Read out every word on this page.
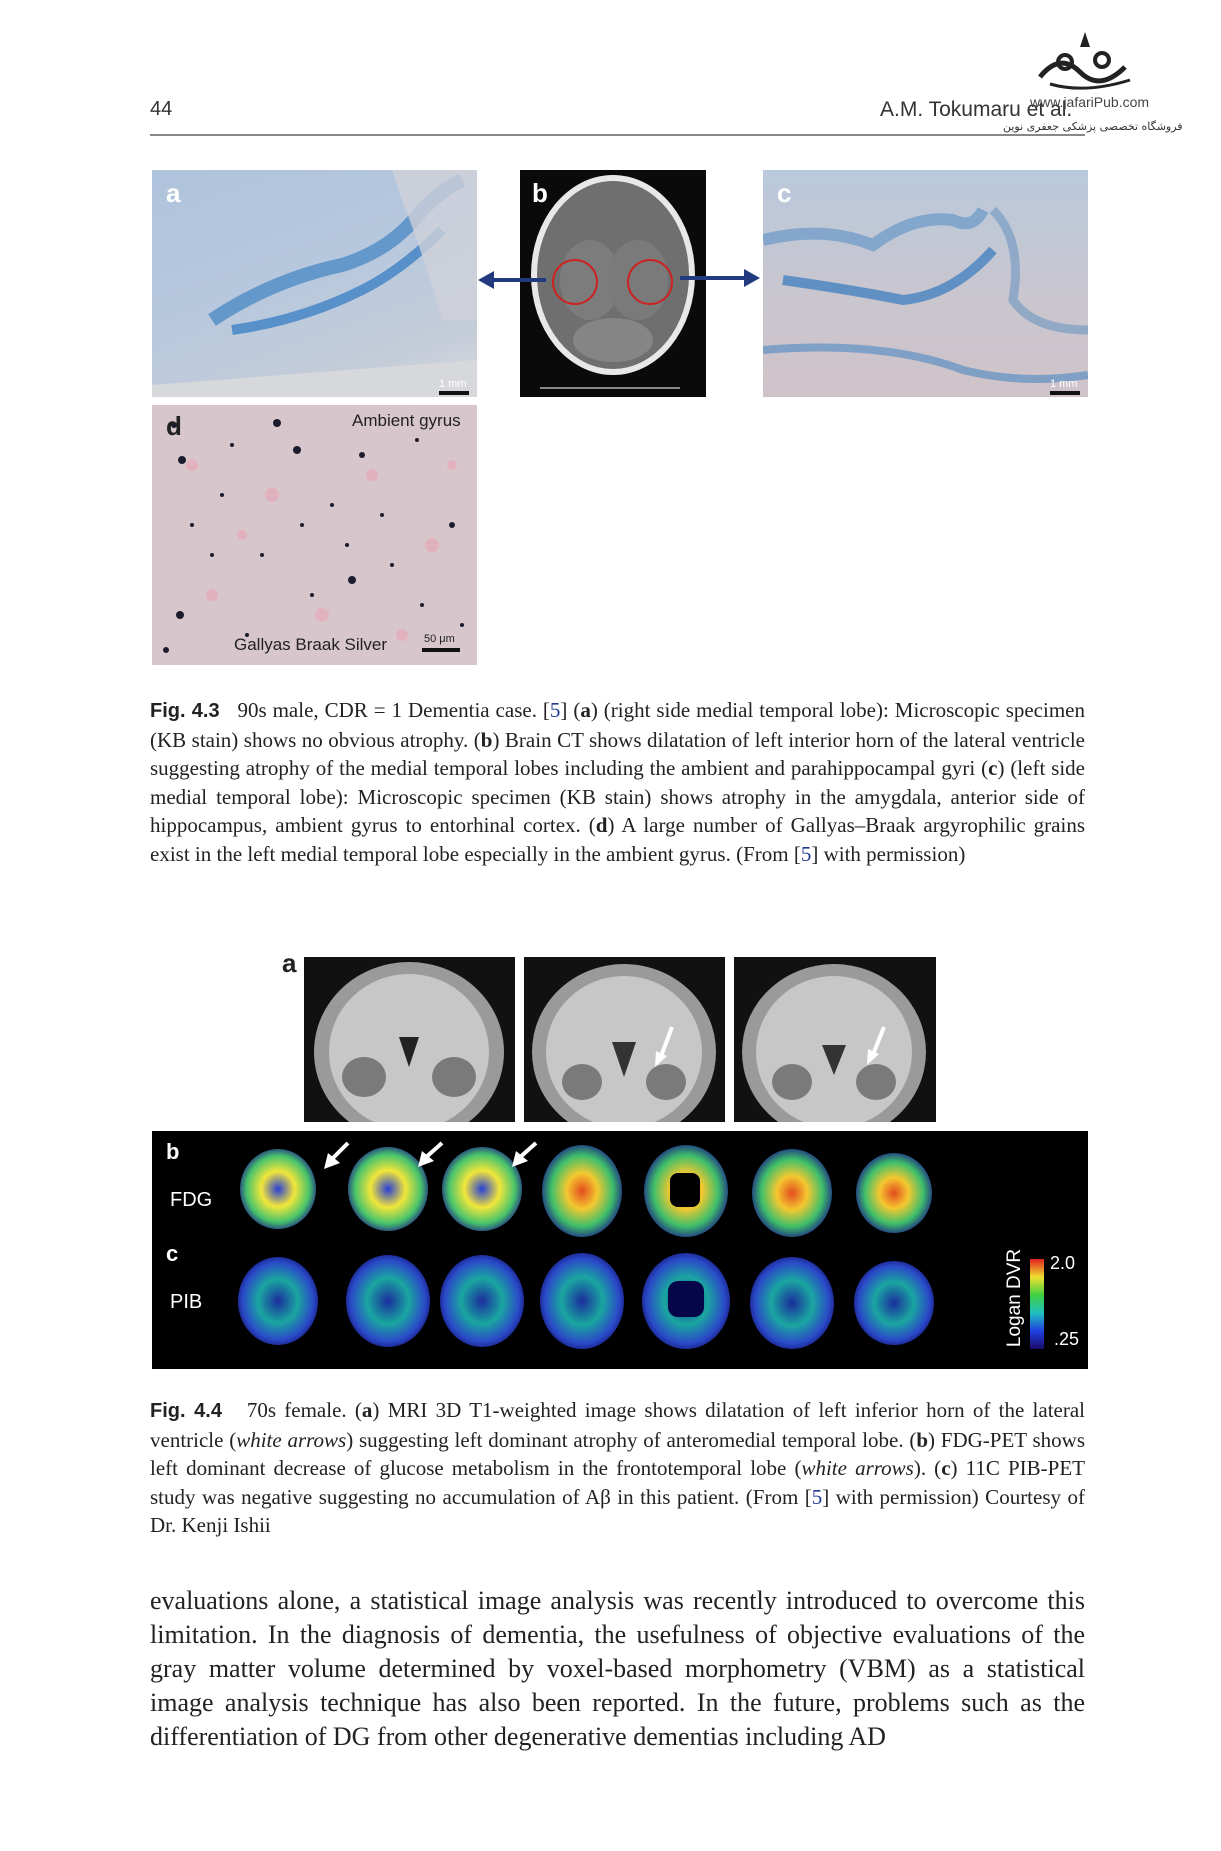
44	A.M. Tokumaru et al.
www.jafariPub.com
فروشگاه تخصصی پزشکی جعفری نوین
a
1 mm
b	c
1 mm
d	Ambient gyrus
Gallyas Braak Silver	50 μm
Fig. 4.3 90s male, CDR = 1 Dementia case. [5] (a) (right side medial temporal lobe): Microscopic specimen (KB stain) shows no obvious atrophy. (b) Brain CT shows dilatation of left interior horn of the lateral ventricle suggesting atrophy of the medial temporal lobes including the ambient and parahippocampal gyri (c) (left side medial temporal lobe): Microscopic specimen (KB stain) shows atrophy in the amygdala, anterior side of hippocampus, ambient gyrus to entorhinal cortex. (d) A large number of Gallyas–Braak argyrophilic grains exist in the left medial temporal lobe especially in the ambient gyrus. (From [5] with permission)
a
b
FDG
c
PIB	Logan DVR 2.0
.25
Fig. 4.4 70s female. (a) MRI 3D T1-weighted image shows dilatation of left inferior horn of the lateral ventricle (white arrows) suggesting left dominant atrophy of anteromedial temporal lobe. (b) FDG-PET shows left dominant decrease of glucose metabolism in the frontotemporal lobe (white arrows). (c) 11C PIB-PET study was negative suggesting no accumulation of Aβ in this patient. (From [5] with permission) Courtesy of Dr. Kenji Ishii
evaluations alone, a statistical image analysis was recently introduced to overcome this limitation. In the diagnosis of dementia, the usefulness of objective evaluations of the gray matter volume determined by voxel-based morphometry (VBM) as a statistical image analysis technique has also been reported. In the future, problems such as the differentiation of DG from other degenerative dementias including AD
